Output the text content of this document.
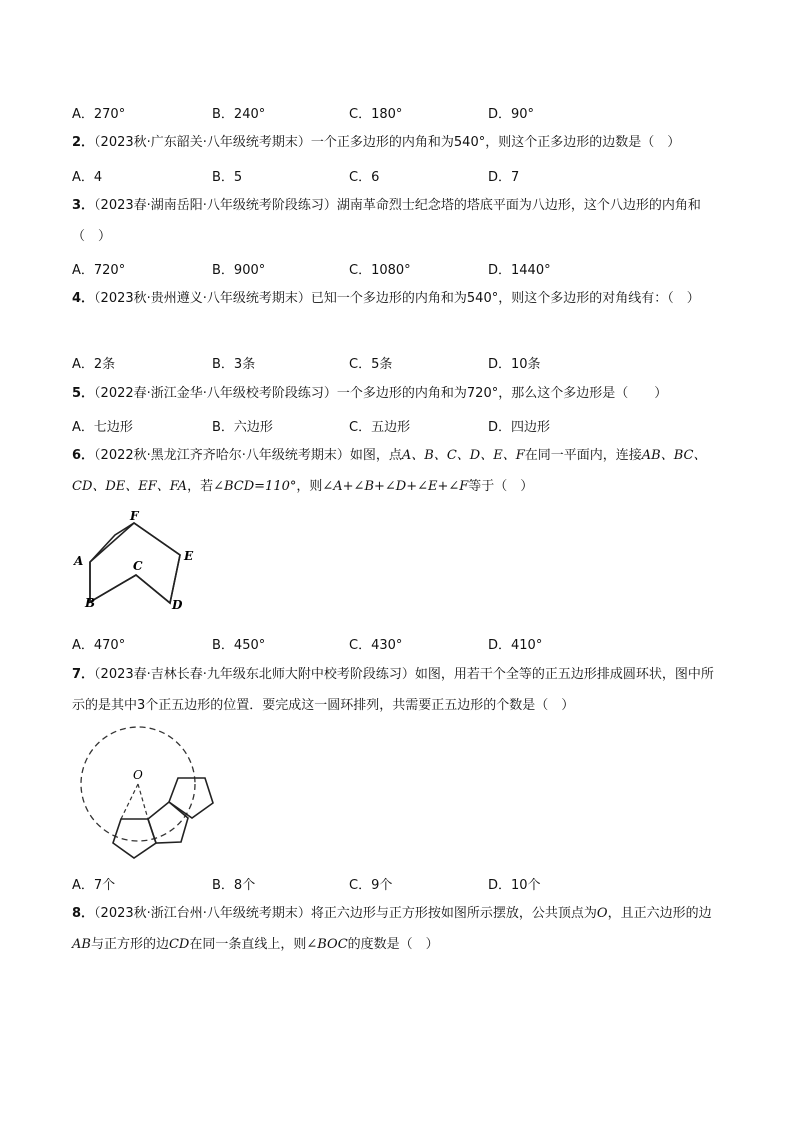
A．270°	B．240°	C．180°	D．90°
2．（2023秋·广东韶关·八年级统考期末）一个正多边形的内角和为540°，则这个正多边形的边数是（　）
A．4	B．5	C．6	D．7
3．（2023春·湖南岳阳·八年级统考阶段练习）湖南革命烈士纪念塔的塔底平面为八边形，这个八边形的内角和（　）
A．720°	B．900°	C．1080°	D．1440°
4．（2023秋·贵州遵义·八年级统考期末）已知一个多边形的内角和为540°，则这个多边形的对角线有：（　）
A．2条	B．3条	C．5条	D．10条
5．（2022春·浙江金华·八年级校考阶段练习）一个多边形的内角和为720°，那么这个多边形是（　　）
A．七边形	B．六边形	C．五边形	D．四边形
6．（2022秋·黑龙江齐齐哈尔·八年级统考期末）如图，点A、B、C、D、E、F在同一平面内，连接AB、BC、CD、DE、EF、FA，若∠BCD=110°，则∠A+∠B+∠D+∠E+∠F等于（　）
F
E
A	C
B	D
A．470°	B．450°	C．430°	D．410°
7．（2023春·吉林长春·九年级东北师大附中校考阶段练习）如图，用若干个全等的正五边形排成圆环状，图中所示的是其中3个正五边形的位置．要完成这一圆环排列，共需要正五边形的个数是（　）
O
A．7个	B．8个	C．9个	D．10个
8．（2023秋·浙江台州·八年级统考期末）将正六边形与正方形按如图所示摆放，公共顶点为O，且正六边形的边AB与正方形的边CD在同一条直线上，则∠BOC的度数是（　）
